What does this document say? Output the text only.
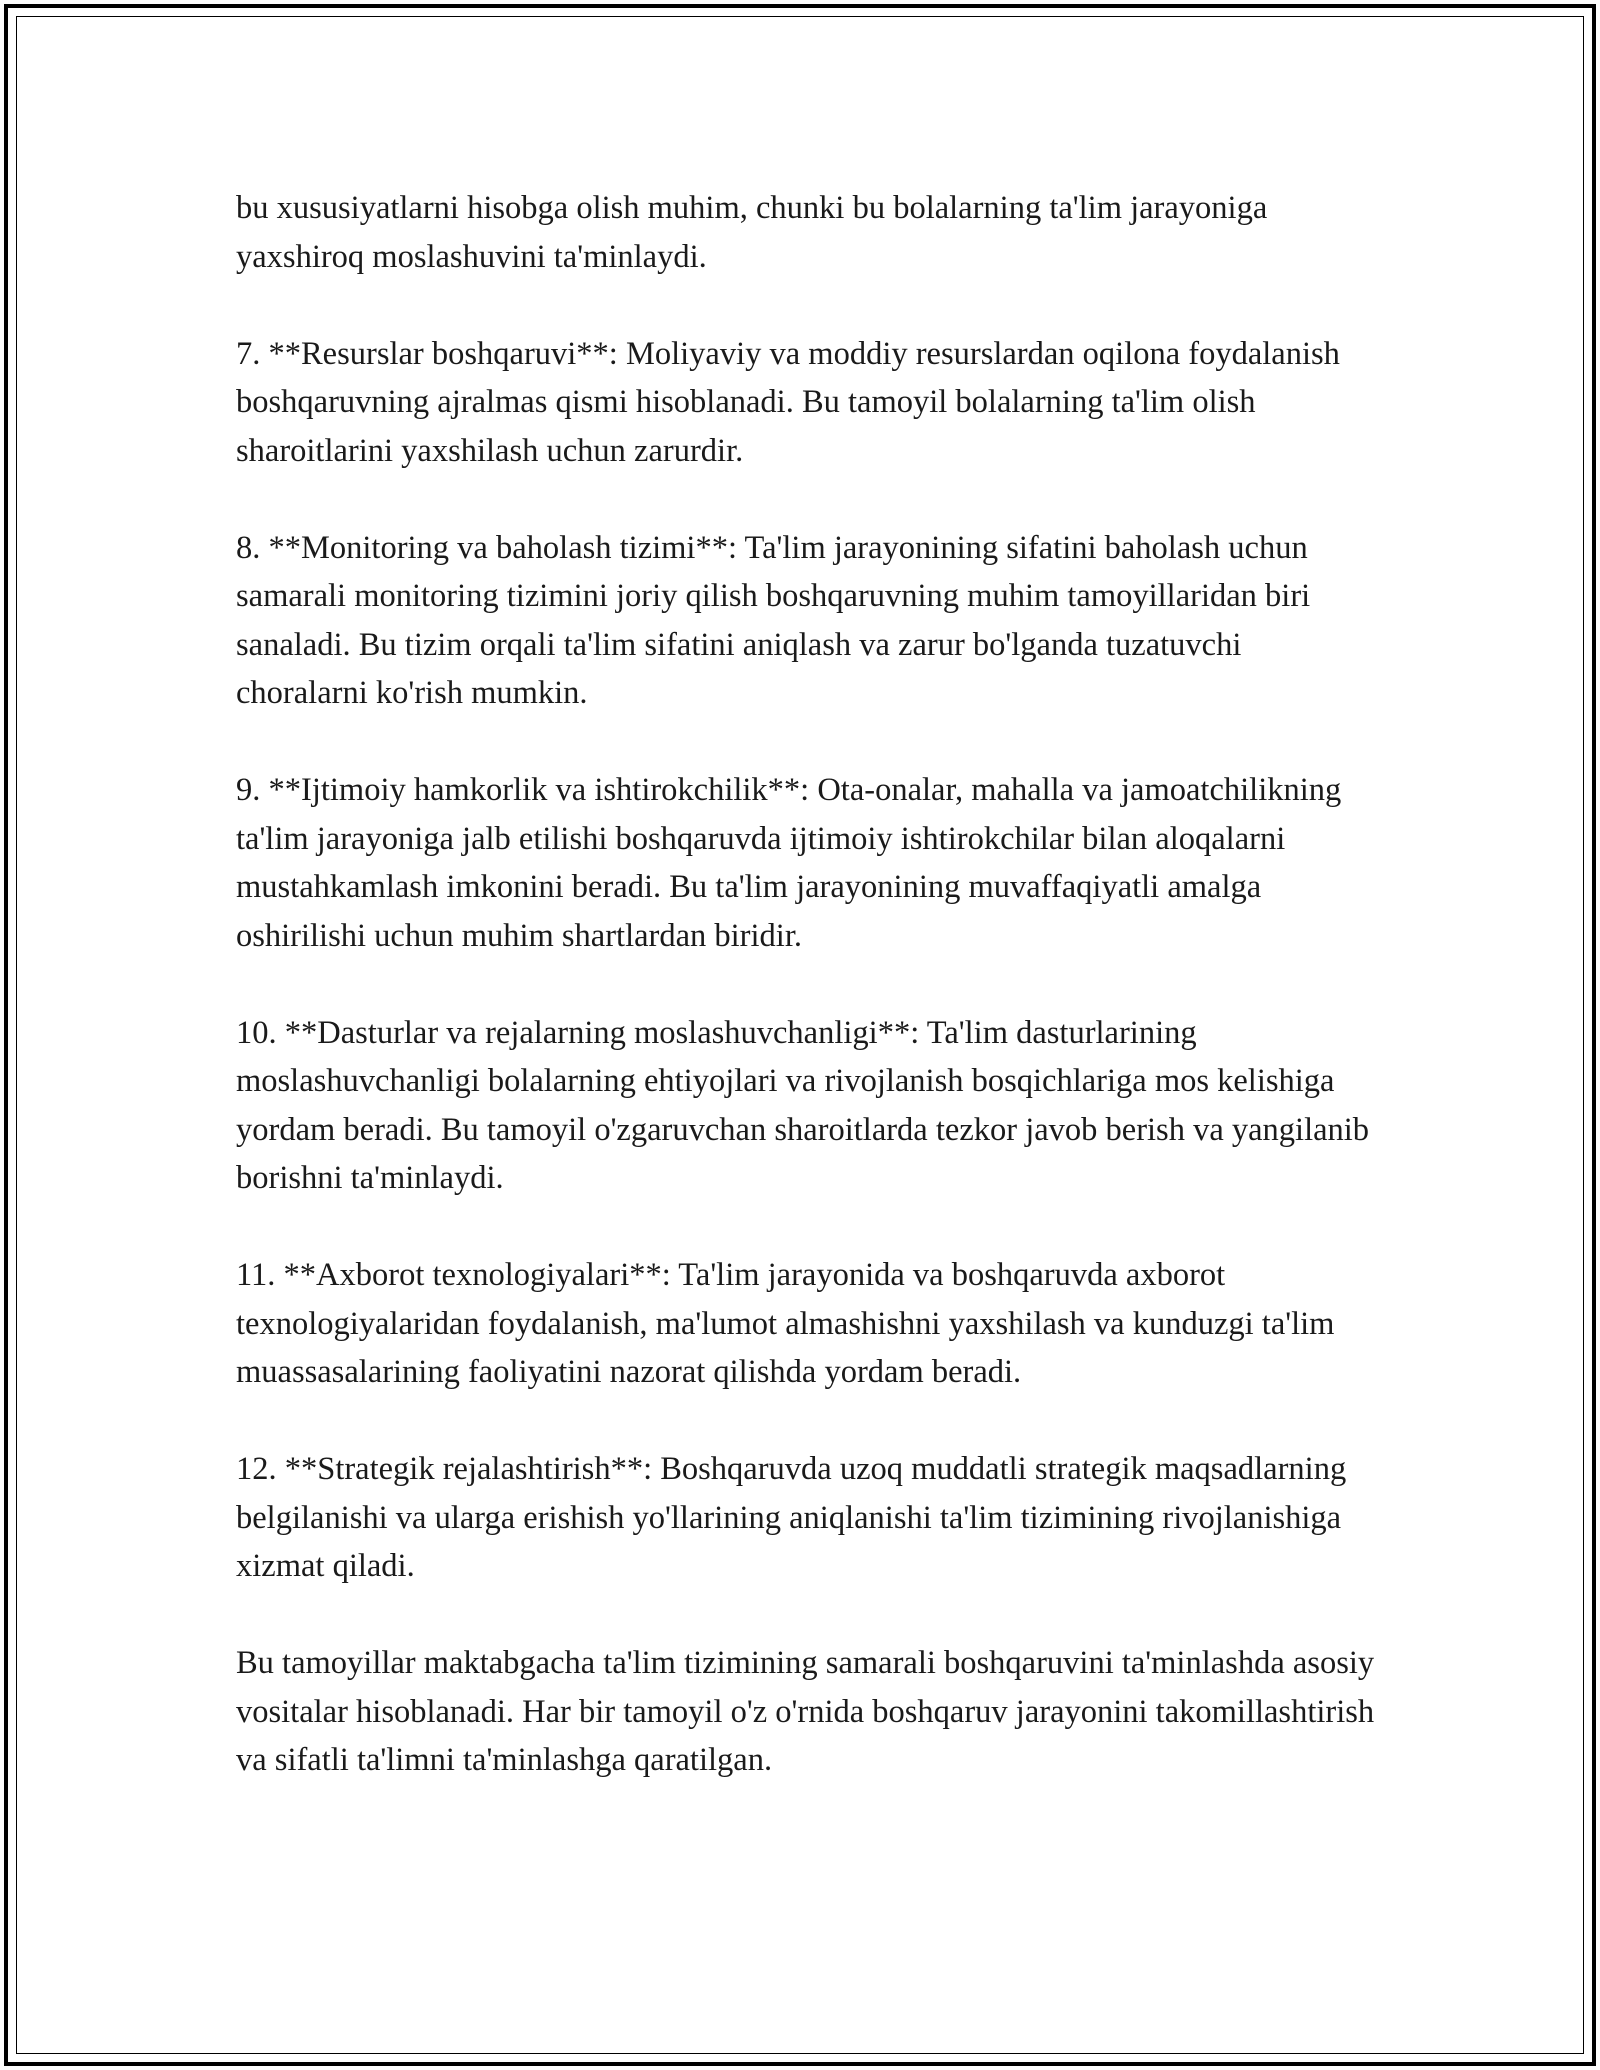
bu xususiyatlarni hisobga olish muhim, chunki bu bolalarning ta'lim jarayoniga yaxshiroq moslashuvini ta'minlaydi.

7. **Resurslar boshqaruvi**: Moliyaviy va moddiy resurslardan oqilona foydalanish boshqaruvning ajralmas qismi hisoblanadi. Bu tamoyil bolalarning ta'lim olish sharoitlarini yaxshilash uchun zarurdir.

8. **Monitoring va baholash tizimi**: Ta'lim jarayonining sifatini baholash uchun samarali monitoring tizimini joriy qilish boshqaruvning muhim tamoyillaridan biri sanaladi. Bu tizim orqali ta'lim sifatini aniqlash va zarur bo'lganda tuzatuvchi choralarni ko'rish mumkin.

9. **Ijtimoiy hamkorlik va ishtirokchilik**: Ota-onalar, mahalla va jamoatchilikning ta'lim jarayoniga jalb etilishi boshqaruvda ijtimoiy ishtirokchilar bilan aloqalarni mustahkamlash imkonini beradi. Bu ta'lim jarayonining muvaffaqiyatli amalga oshirilishi uchun muhim shartlardan biridir.

10. **Dasturlar va rejalarning moslashuvchanligi**: Ta'lim dasturlarining moslashuvchanligi bolalarning ehtiyojlari va rivojlanish bosqichlariga mos kelishiga yordam beradi. Bu tamoyil o'zgaruvchan sharoitlarda tezkor javob berish va yangilanib borishni ta'minlaydi.

11. **Axborot texnologiyalari**: Ta'lim jarayonida va boshqaruvda axborot texnologiyalaridan foydalanish, ma'lumot almashishni yaxshilash va kunduzgi ta'lim muassasalarining faoliyatini nazorat qilishda yordam beradi.

12. **Strategik rejalashtirish**: Boshqaruvda uzoq muddatli strategik maqsadlarning belgilanishi va ularga erishish yo'llarining aniqlanishi ta'lim tizimining rivojlanishiga xizmat qiladi.

Bu tamoyillar maktabgacha ta'lim tizimining samarali boshqaruvini ta'minlashda asosiy vositalar hisoblanadi. Har bir tamoyil o'z o'rnida boshqaruv jarayonini takomillashtirish va sifatli ta'limni ta'minlashga qaratilgan.
